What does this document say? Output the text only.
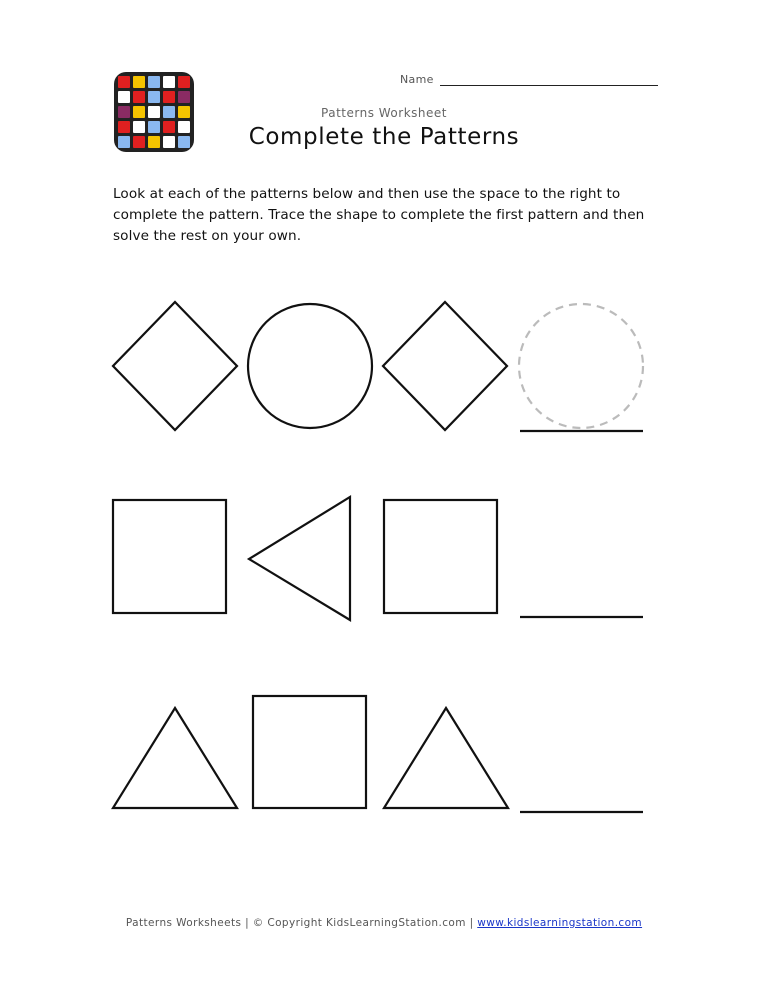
Name
Patterns Worksheet
Complete the Patterns
Look at each of the patterns below and then use the space to the right to complete the pattern. Trace the shape to complete the first pattern and then solve the rest on your own.
Patterns Worksheets | © Copyright KidsLearningStation.com | www.kidslearningstation.com
